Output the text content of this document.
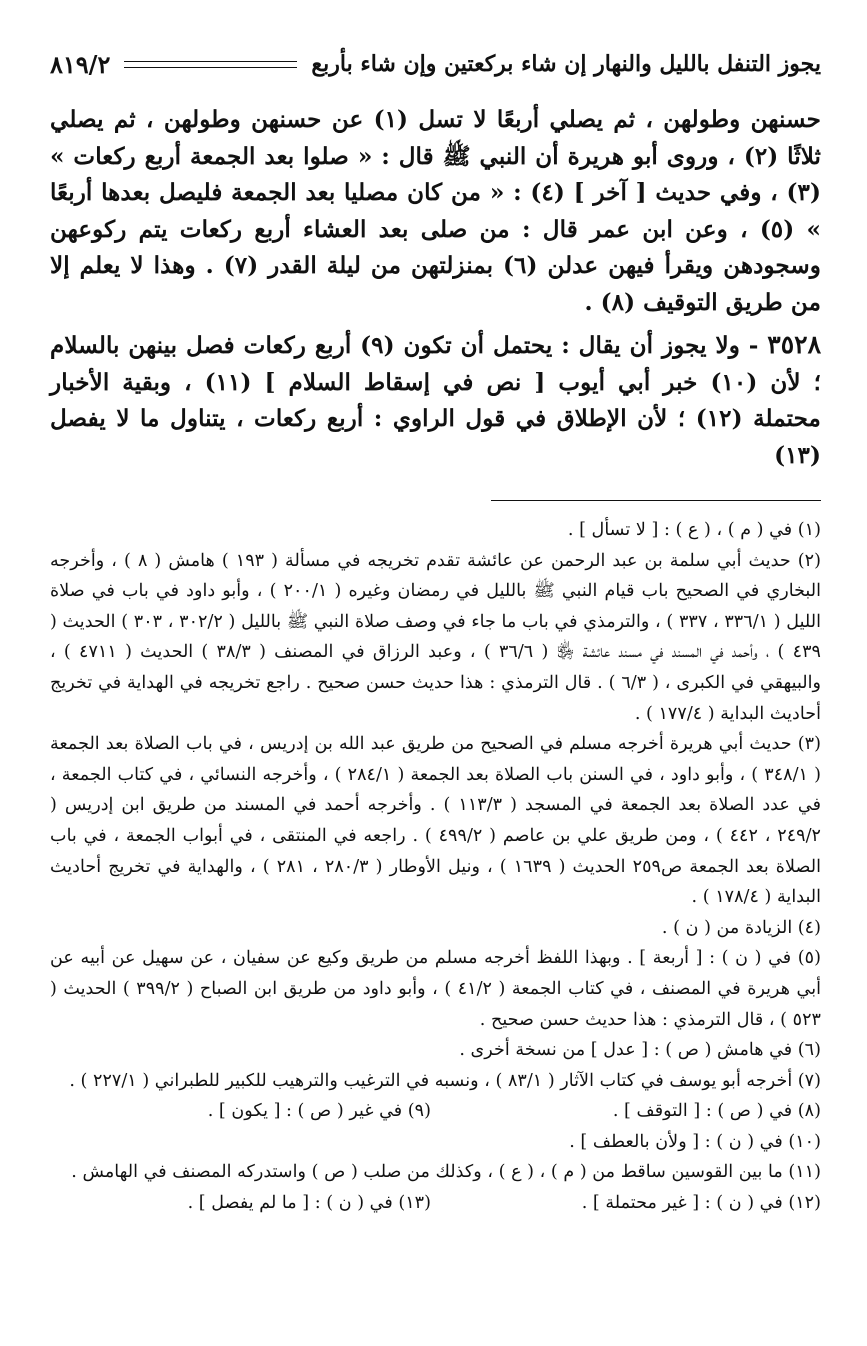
يجوز التنفل بالليل والنهار إن شاء بركعتين وإن شاء بأربع
٨١٩/٢

حسنهن وطولهن ، ثم يصلي أربعًا لا تسل (١) عن حسنهن وطولهن ، ثم يصلي ثلاثًا (٢) ، وروى أبو هريرة أن النبي ﷺ قال : « صلوا بعد الجمعة أربع ركعات » (٣) ، وفي حديث [ آخر ] (٤) : « من كان مصليا بعد الجمعة فليصل بعدها أربعًا » (٥) ، وعن ابن عمر قال : من صلى بعد العشاء أربع ركعات يتم ركوعهن وسجودهن ويقرأ فيهن عدلن (٦) بمنزلتهن من ليلة القدر (٧) . وهذا لا يعلم إلا من طريق التوقيف (٨) .

٣٥٢٨ - ولا يجوز أن يقال : يحتمل أن تكون (٩) أربع ركعات فصل بينهن بالسلام ؛ لأن (١٠) خبر أبي أيوب [ نص في إسقاط السلام ] (١١) ، وبقية الأخبار محتملة (١٢) ؛ لأن الإطلاق في قول الراوي : أربع ركعات ، يتناول ما لا يفصل (١٣)

(١) في ( م ) ، ( ع ) : [ لا تسأل ] .

(٢) حديث أبي سلمة بن عبد الرحمن عن عائشة تقدم تخريجه في مسألة ( ١٩٣ ) هامش ( ٨ ) ، وأخرجه البخاري في الصحيح باب قيام النبي ﷺ بالليل في رمضان وغيره ( ٢٠٠/١ ) ، وأبو داود في باب في صلاة الليل ( ٣٣٦/١ ، ٣٣٧ ) ، والترمذي في باب ما جاء في وصف صلاة النبي ﷺ بالليل ( ٣٠٢/٢ ، ٣٠٣ ) الحديث ( ٤٣٩ ) ، وأحمد في المسند في مسند عائشة ﵂ ( ٣٦/٦ ) ، وعبد الرزاق في المصنف ( ٣٨/٣ ) الحديث ( ٤٧١١ ) ، والبيهقي في الكبرى ، ( ٦/٣ ) . قال الترمذي : هذا حديث حسن صحيح . راجع تخريجه في الهداية في تخريج أحاديث البداية ( ١٧٧/٤ ) .

(٣) حديث أبي هريرة أخرجه مسلم في الصحيح من طريق عبد الله بن إدريس ، في باب الصلاة بعد الجمعة ( ٣٤٨/١ ) ، وأبو داود ، في السنن باب الصلاة بعد الجمعة ( ٢٨٤/١ ) ، وأخرجه النسائي ، في كتاب الجمعة ، في عدد الصلاة بعد الجمعة في المسجد ( ١١٣/٣ ) . وأخرجه أحمد في المسند من طريق ابن إدريس ( ٢٤٩/٢ ، ٤٤٢ ) ، ومن طريق علي بن عاصم ( ٤٩٩/٢ ) . راجعه في المنتقى ، في أبواب الجمعة ، في باب الصلاة بعد الجمعة ص٢٥٩ الحديث ( ١٦٣٩ ) ، ونيل الأوطار ( ٢٨٠/٣ ، ٢٨١ ) ، والهداية في تخريج أحاديث البداية ( ١٧٨/٤ ) .

(٤) الزيادة من ( ن ) .

(٥) في ( ن ) : [ أربعة ] . وبهذا اللفظ أخرجه مسلم من طريق وكيع عن سفيان ، عن سهيل عن أبيه عن أبي هريرة في المصنف ، في كتاب الجمعة ( ٤١/٢ ) ، وأبو داود من طريق ابن الصباح ( ٣٩٩/٢ ) الحديث ( ٥٢٣ ) ، قال الترمذي : هذا حديث حسن صحيح .

(٦) في هامش ( ص ) : [ عدل ] من نسخة أخرى .

(٧) أخرجه أبو يوسف في كتاب الآثار ( ٨٣/١ ) ، ونسبه في الترغيب والترهيب للكبير للطبراني ( ٢٢٧/١ ) .

(٨) في ( ص ) : [ التوقف ] .

(٩) في غير ( ص ) : [ يكون ] .

(١٠) في ( ن ) : [ ولأن بالعطف ] .

(١١) ما بين القوسين ساقط من ( م ) ، ( ع ) ، وكذلك من صلب ( ص ) واستدركه المصنف في الهامش .

(١٢) في ( ن ) : [ غير محتملة ] .

(١٣) في ( ن ) : [ ما لم يفصل ] .
